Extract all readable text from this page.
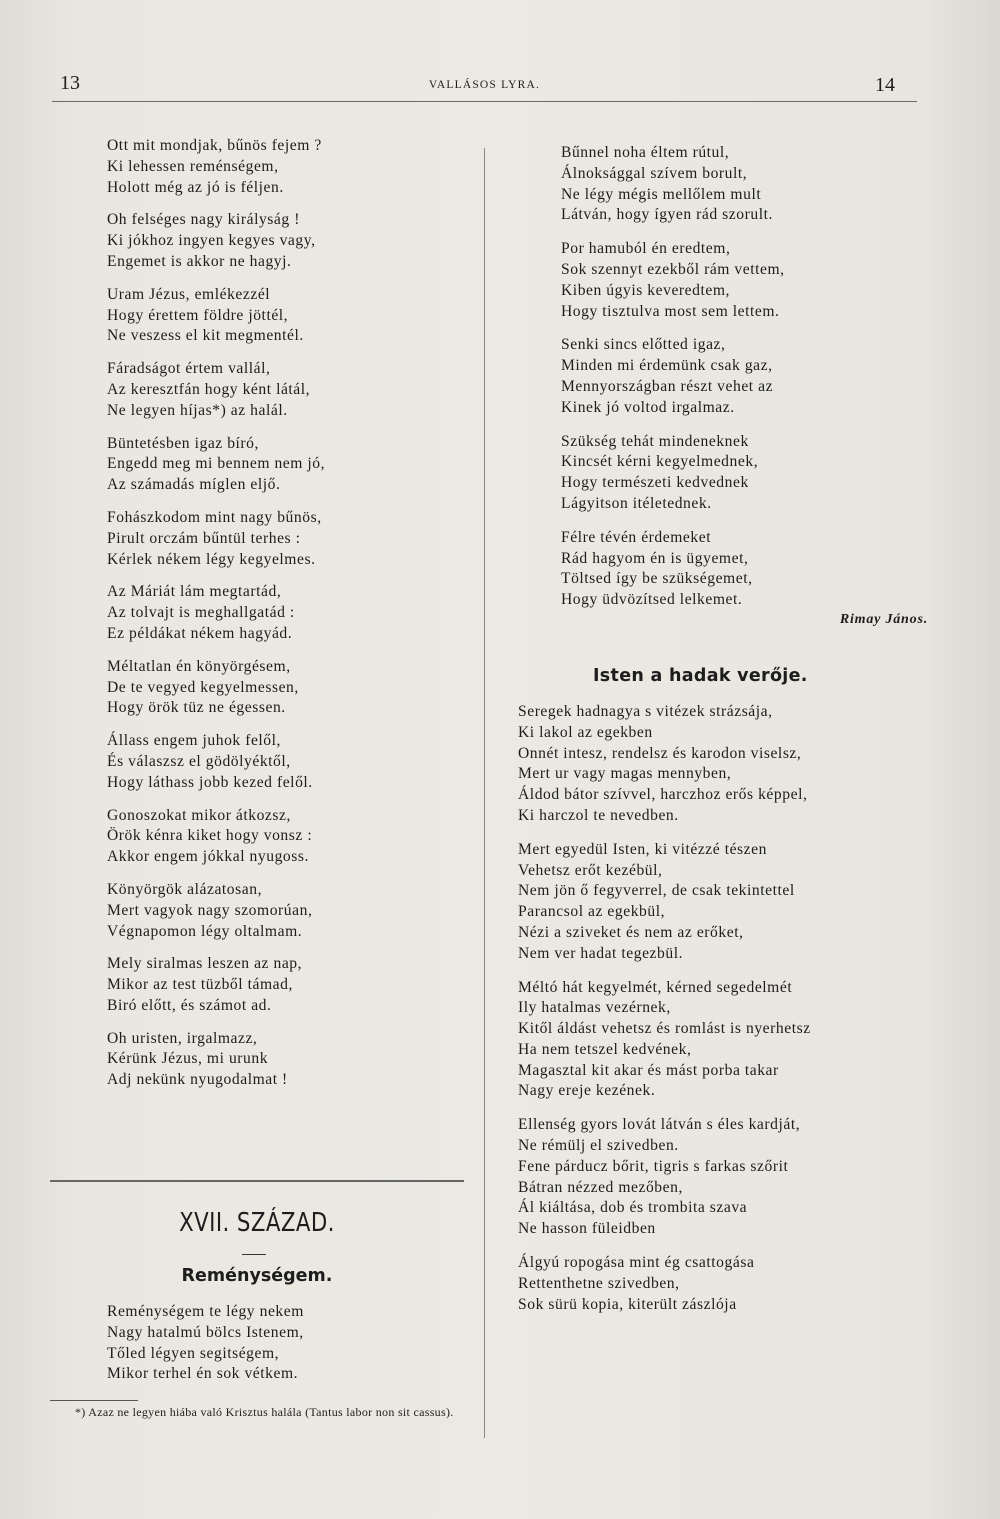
13	VALLÁSOS LYRA.	14
Ott mit mondjak, bűnös fejem ?
Ki lehessen reménségem,
Holott még az jó is féljen.
Oh felséges nagy királyság !
Ki jókhoz ingyen kegyes vagy,
Engemet is akkor ne hagyj.
Uram Jézus, emlékezzél
Hogy érettem földre jöttél,
Ne veszess el kit megmentél.
Fáradságot értem vallál,
Az keresztfán hogy ként látál,
Ne legyen híjas*) az halál.
Büntetésben igaz bíró,
Engedd meg mi bennem nem jó,
Az számadás míglen eljő.
Fohászkodom mint nagy bűnös,
Pirult orczám bűntül terhes :
Kérlek nékem légy kegyelmes.
Az Máriát lám megtartád,
Az tolvajt is meghallgatád :
Ez példákat nékem hagyád.
Méltatlan én könyörgésem,
De te vegyed kegyelmessen,
Hogy örök tüz ne égessen.
Állass engem juhok felől,
És válaszsz el gödölyéktől,
Hogy láthass jobb kezed felől.
Gonoszokat mikor átkozsz,
Örök kénra kiket hogy vonsz :
Akkor engem jókkal nyugoss.
Könyörgök alázatosan,
Mert vagyok nagy szomorúan,
Végnapomon légy oltalmam.
Mely siralmas leszen az nap,
Mikor az test tüzből támad,
Biró előtt, és számot ad.
Oh uristen, irgalmazz,
Kérünk Jézus, mi urunk
Adj nekünk nyugodalmat !
XVII. SZÁZAD.
Reménységem.
Reménységem te légy nekem
Nagy hatalmú bölcs Istenem,
Tőled légyen segitségem,
Mikor terhel én sok vétkem.
*) Azaz ne legyen hiába való Krisztus halála (Tantus labor non sit cassus).
Bűnnel noha éltem rútul,
Álnoksággal szívem borult,
Ne légy mégis mellőlem mult
Látván, hogy ígyen rád szorult.
Por hamuból én eredtem,
Sok szennyt ezekből rám vettem,
Kiben úgyis keveredtem,
Hogy tisztulva most sem lettem.
Senki sincs előtted igaz,
Minden mi érdemünk csak gaz,
Mennyországban részt vehet az
Kinek jó voltod irgalmaz.
Szükség tehát mindeneknek
Kincsét kérni kegyelmednek,
Hogy természeti kedvednek
Lágyitson itéletednek.
Félre tévén érdemeket
Rád hagyom én is ügyemet,
Töltsed így be szükségemet,
Hogy üdvözítsed lelkemet.
Rimay János.
Isten a hadak verője.
Seregek hadnagya s vitézek strázsája,
Ki lakol az egekben
Onnét intesz, rendelsz és karodon viselsz,
Mert ur vagy magas mennyben,
Áldod bátor szívvel, harczhoz erős képpel,
Ki harczol te nevedben.
Mert egyedül Isten, ki vitézzé tészen
Vehetsz erőt kezébül,
Nem jön ő fegyverrel, de csak tekintettel
Parancsol az egekbül,
Nézi a sziveket és nem az erőket,
Nem ver hadat tegezbül.
Méltó hát kegyelmét, kérned segedelmét
Ily hatalmas vezérnek,
Kitől áldást vehetsz és romlást is nyerhetsz
Ha nem tetszel kedvének,
Magasztal kit akar és mást porba takar
Nagy ereje kezének.
Ellenség gyors lovát látván s éles kardját,
Ne rémülj el szivedben.
Fene párducz bőrit, tigris s farkas szőrit
Bátran nézzed mezőben,
Ál kiáltása, dob és trombita szava
Ne hasson füleidben
Álgyú ropogása mint ég csattogása
Rettenthetne szivedben,
Sok sürü kopia, kiterült zászlója
